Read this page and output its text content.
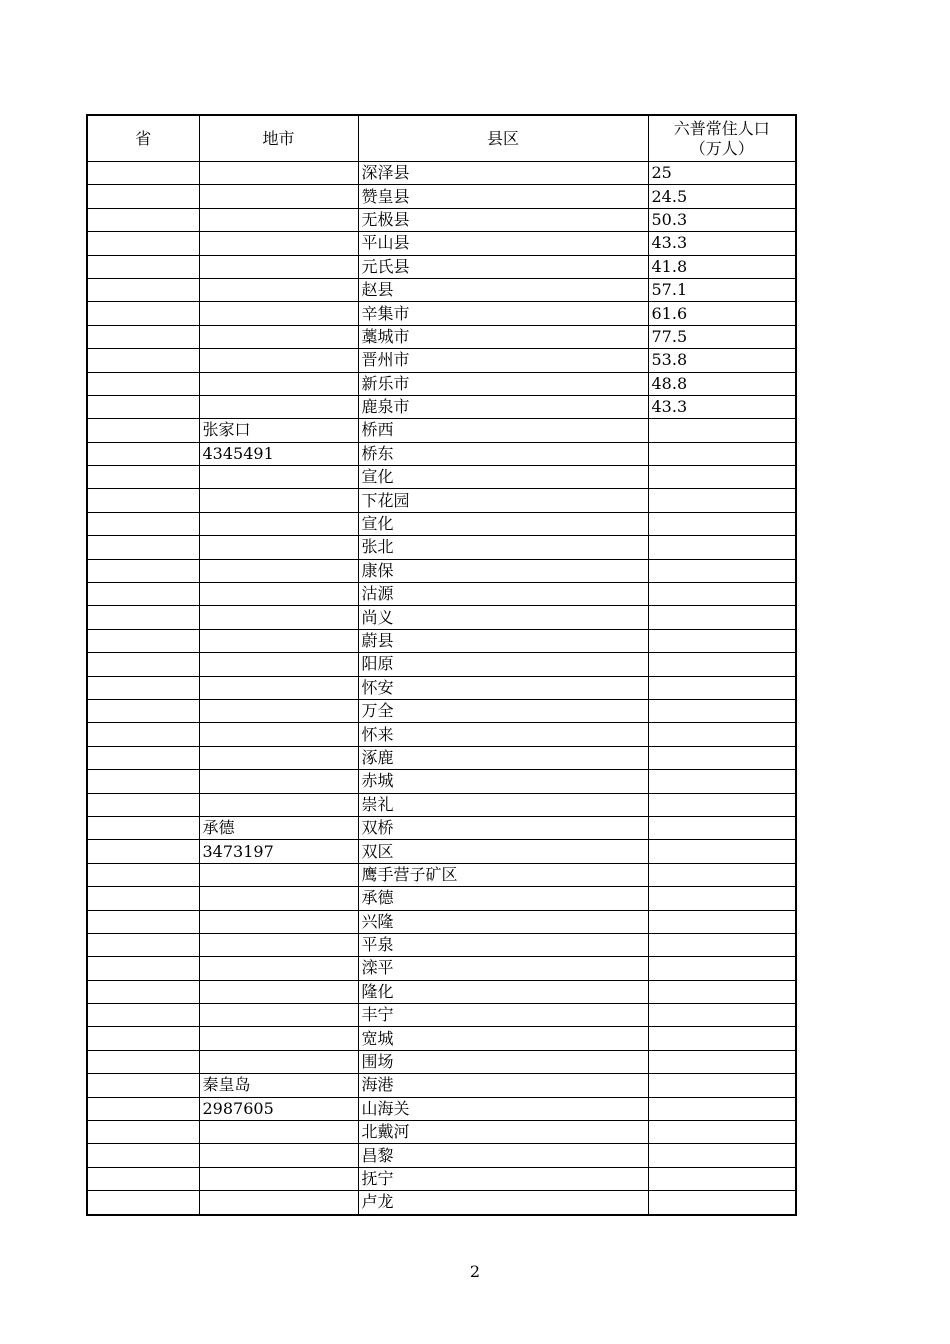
省	地市	县区	六普常住人口
（万人）

		深泽县	25
		赞皇县	24.5
		无极县	50.3
		平山县	43.3
		元氏县	41.8
		赵县	57.1
		辛集市	61.6
		藁城市	77.5
		晋州市	53.8
		新乐市	48.8
		鹿泉市	43.3
	张家口	桥西	
	4345491	桥东	
		宣化	
		下花园	
		宣化	
		张北	
		康保	
		沽源	
		尚义	
		蔚县	
		阳原	
		怀安	
		万全	
		怀来	
		涿鹿	
		赤城	
		崇礼	
	承德	双桥	
	3473197	双区	
		鹰手营子矿区	
		承德	
		兴隆	
		平泉	
		滦平	
		隆化	
		丰宁	
		宽城	
		围场	
	秦皇岛	海港	
	2987605	山海关	
		北戴河	
		昌黎	
		抚宁	
		卢龙	
2
